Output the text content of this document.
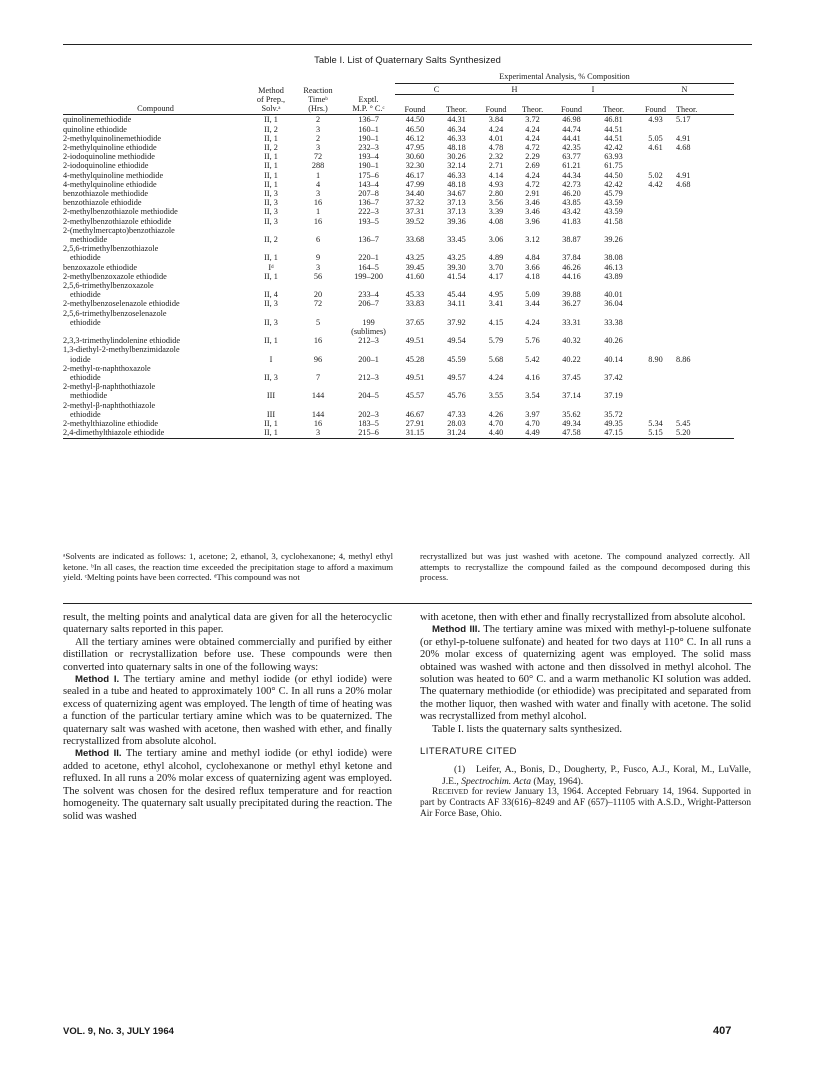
Table I. List of Quaternary Salts Synthesized
				Experimental Analysis, % Composition							
	Method	Reaction		C		H		I		N	
	of Prep.,	Timeᵇ	Exptl.								
Compound	Solv.ᵃ	(Hrs.)	M.P. ° C.ᶜ	Found	Theor.	Found	Theor.	Found	Theor.	Found	Theor.
quinolinemethiodide	II, 1	2	136–7	44.50	44.31	3.84	3.72	46.98	46.81	4.93	5.17
quinoline ethiodide	II, 2	3	160–1	46.50	46.34	4.24	4.24	44.74	44.51		
2-methylquinolinemethiodide	II, 1	2	190–1	46.12	46.33	4.01	4.24	44.41	44.51	5.05	4.91
2-methylquinoline ethiodide	II, 2	3	232–3	47.95	48.18	4.78	4.72	42.35	42.42	4.61	4.68
2-iodoquinoline methiodide	II, 1	72	193–4	30.60	30.26	2.32	2.29	63.77	63.93		
2-iodoquinoline ethiodide	II, 1	288	190–1	32.30	32.14	2.71	2.69	61.21	61.75		
4-methylquinoline methiodide	II, 1	1	175–6	46.17	46.33	4.14	4.24	44.34	44.50	5.02	4.91
4-methylquinoline ethiodide	II, 1	4	143–4	47.99	48.18	4.93	4.72	42.73	42.42	4.42	4.68
benzothiazole methiodide	II, 3	3	207–8	34.40	34.67	2.80	2.91	46.20	45.79		
benzothiazole ethiodide	II, 3	16	136–7	37.32	37.13	3.56	3.46	43.85	43.59		
2-methylbenzothiazole methiodide	II, 3	1	222–3	37.31	37.13	3.39	3.46	43.42	43.59		
2-methylbenzothiazole ethiodide	II, 3	16	193–5	39.52	39.36	4.08	3.96	41.83	41.58		
2-(methylmercapto)benzothiazole											
methiodide	II, 2	6	136–7	33.68	33.45	3.06	3.12	38.87	39.26		
2,5,6-trimethylbenzothiazole											
ethiodide	II, 1	9	220–1	43.25	43.25	4.89	4.84	37.84	38.08		
benzoxazole ethiodide	Iᵈ	3	164–5	39.45	39.30	3.70	3.66	46.26	46.13		
2-methylbenzoxazole ethiodide	II, 1	56	199–200	41.60	41.54	4.17	4.18	44.16	43.89		
2,5,6-trimethylbenzoxazole											
ethiodide	II, 4	20	233–4	45.33	45.44	4.95	5.09	39.88	40.01		
2-methylbenzoselenazole ethiodide	II, 3	72	206–7	33.83	34.11	3.41	3.44	36.27	36.04		
2,5,6-trimethylbenzoselenazole											
ethiodide	II, 3	5	199	37.65	37.92	4.15	4.24	33.31	33.38		
			(sublimes)								
2,3,3-trimethylindolenine ethiodide	II, 1	16	212–3	49.51	49.54	5.79	5.76	40.32	40.26		
1,3-diethyl-2-methylbenzimidazole											
iodide	I	96	200–1	45.28	45.59	5.68	5.42	40.22	40.14	8.90	8.86
2-methyl-α-naphthoxazole											
ethiodide	II, 3	7	212–3	49.51	49.57	4.24	4.16	37.45	37.42		
2-methyl-β-naphthothiazole											
methiodide	III	144	204–5	45.57	45.76	3.55	3.54	37.14	37.19		
2-methyl-β-naphthothiazole											
ethiodide	III	144	202–3	46.67	47.33	4.26	3.97	35.62	35.72		
2-methylthiazoline ethiodide	II, 1	16	183–5	27.91	28.03	4.70	4.70	49.34	49.35	5.34	5.45
2,4-dimethylthiazole ethiodide	II, 1	3	215–6	31.15	31.24	4.40	4.49	47.58	47.15	5.15	5.20
ᵃSolvents are indicated as follows: 1, acetone; 2, ethanol, 3, cyclohexanone; 4, methyl ethyl ketone. ᵇIn all cases, the reaction time exceeded the precipitation stage to afford a maximum yield. ᶜMelting points have been corrected. ᵈThis compound was not
recrystallized but was just washed with acetone. The compound analyzed correctly. All attempts to recrystallize the compound failed as the compound decomposed during this process.

result, the melting points and analytical data are given for all the heterocyclic quaternary salts reported in this paper.

All the tertiary amines were obtained commercially and purified by either distillation or recrystallization before use. These compounds were then converted into quaternary salts in one of the following ways:

Method I. The tertiary amine and methyl iodide (or ethyl iodide) were sealed in a tube and heated to approximately 100° C. In all runs a 20% molar excess of quaternizing agent was employed. The length of time of heating was a function of the particular tertiary amine which was to be quaternized. The quaternary salt was washed with acetone, then washed with ether, and finally recrystallized from absolute alcohol.

Method II. The tertiary amine and methyl iodide (or ethyl iodide) were added to acetone, ethyl alcohol, cyclohexanone or methyl ethyl ketone and refluxed. In all runs a 20% molar excess of quaternizing agent was employed. The solvent was chosen for the desired reflux temperature and for reaction homogeneity. The quaternary salt usually precipitated during the reaction. The solid was washed

with acetone, then with ether and finally recrystallized from absolute alcohol.

Method III. The tertiary amine was mixed with methyl-p-toluene sulfonate (or ethyl-p-toluene sulfonate) and heated for two days at 110° C. In all runs a 20% molar excess of quaternizing agent was employed. The solid mass obtained was washed with actone and then dissolved in methyl alcohol. The solution was heated to 60° C. and a warm methanolic KI solution was added. The quaternary methiodide (or ethiodide) was precipitated and separated from the mother liquor, then washed with water and finally with acetone. The solid was recrystallized from methyl alcohol.

Table I. lists the quaternary salts synthesized.

LITERATURE CITED

(1) Leifer, A., Bonis, D., Dougherty, P., Fusco, A.J., Koral, M., LuValle, J.E., Spectrochim. Acta (May, 1964).

Received for review January 13, 1964. Accepted February 14, 1964. Supported in part by Contracts AF 33(616)–8249 and AF (657)–11105 with A.S.D., Wright-Patterson Air Force Base, Ohio.

VOL. 9, No. 3, JULY 1964	407
